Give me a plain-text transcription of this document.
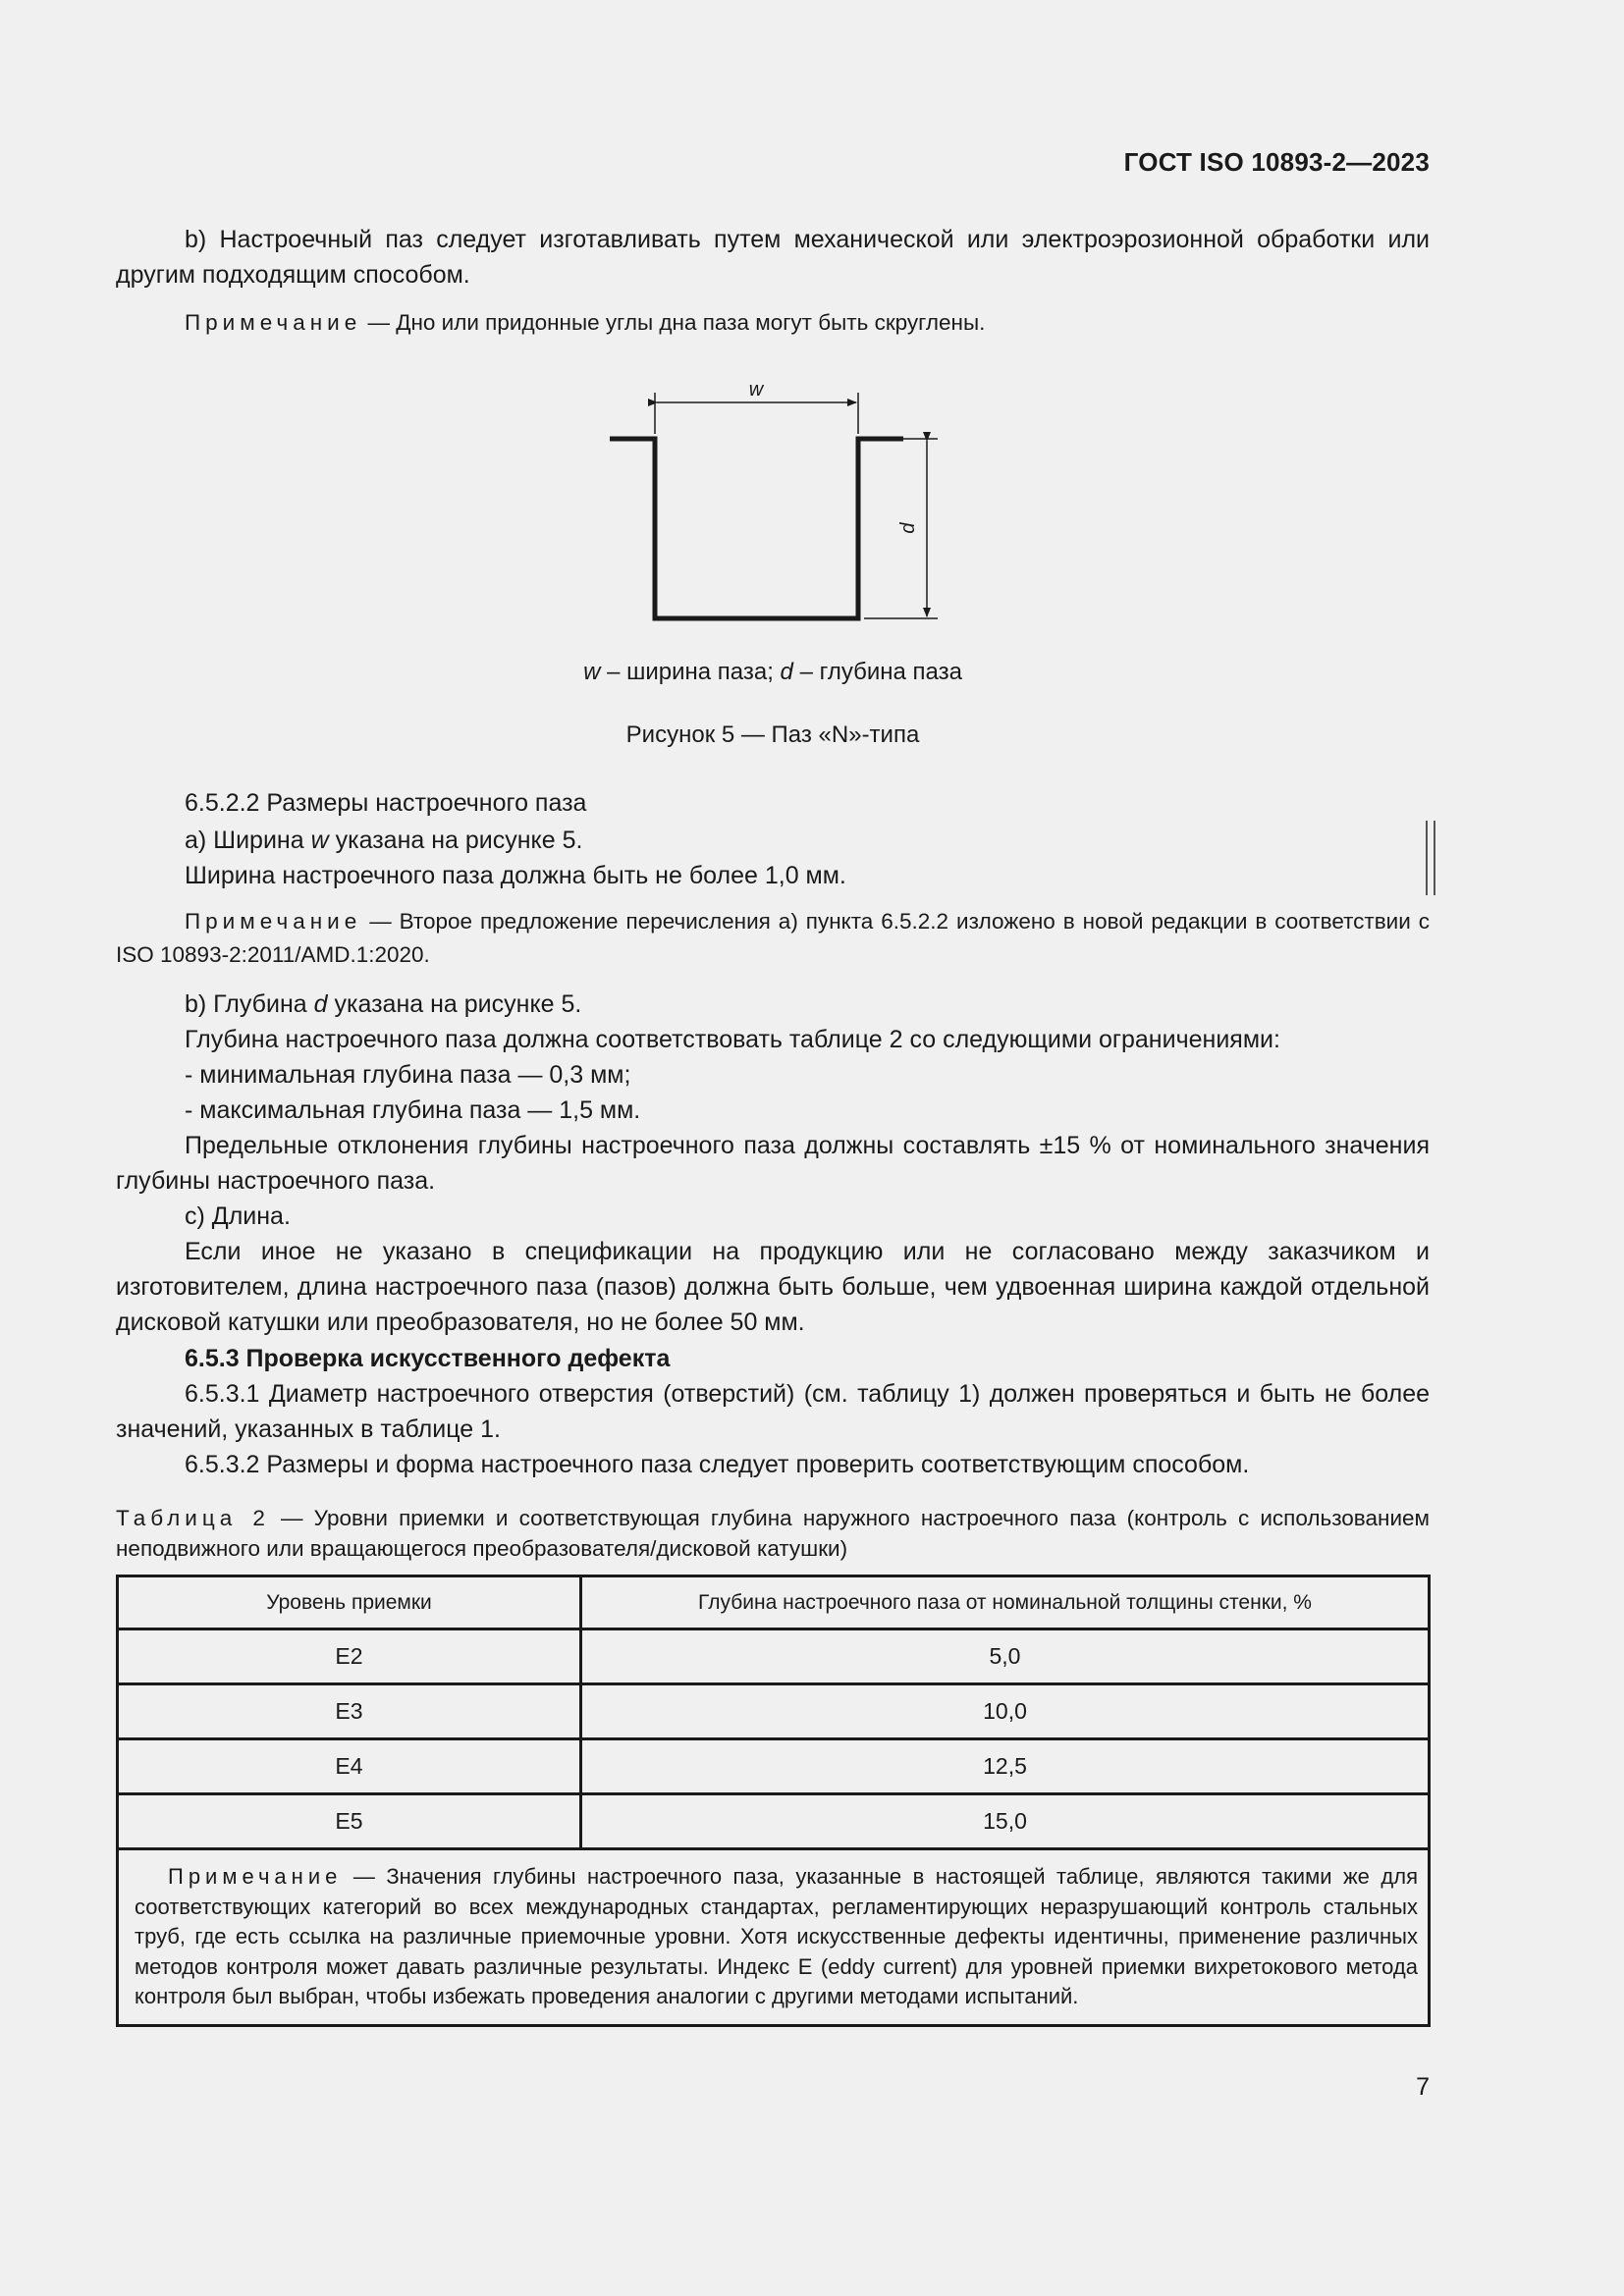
ГОСТ ISO 10893-2—2023
b) Настроечный паз следует изготавливать путем механической или электроэрозионной обработки или другим подходящим способом.
Примечание — Дно или придонные углы дна паза могут быть скруглены.
w
d
w – ширина паза; d – глубина паза
Рисунок 5 — Паз «N»-типа
6.5.2.2 Размеры настроечного паза
a) Ширина w указана на рисунке 5.
Ширина настроечного паза должна быть не более 1,0 мм.
Примечание — Второе предложение перечисления a) пункта 6.5.2.2 изложено в новой редакции в соответствии с ISO 10893-2:2011/AMD.1:2020.
b) Глубина d указана на рисунке 5.
Глубина настроечного паза должна соответствовать таблице 2 со следующими ограничениями:
- минимальная глубина паза — 0,3 мм;
- максимальная глубина паза — 1,5 мм.
Предельные отклонения глубины настроечного паза должны составлять ±15 % от номинального значения глубины настроечного паза.
c) Длина.
Если иное не указано в спецификации на продукцию или не согласовано между заказчиком и изготовителем, длина настроечного паза (пазов) должна быть больше, чем удвоенная ширина каждой отдельной дисковой катушки или преобразователя, но не более 50 мм.
6.5.3 Проверка искусственного дефекта
6.5.3.1 Диаметр настроечного отверстия (отверстий) (см. таблицу 1) должен проверяться и быть не более значений, указанных в таблице 1.
6.5.3.2 Размеры и форма настроечного паза следует проверить соответствующим способом.
Таблица 2 — Уровни приемки и соответствующая глубина наружного настроечного паза (контроль с использованием неподвижного или вращающегося преобразователя/дисковой катушки)
Уровень приемки	Глубина настроечного паза от номинальной толщины стенки, %
E2	5,0
E3	10,0
E4	12,5
E5	15,0
Примечание — Значения глубины настроечного паза, указанные в настоящей таблице, являются такими же для соответствующих категорий во всех международных стандартах, регламентирующих неразрушающий контроль стальных труб, где есть ссылка на различные приемочные уровни. Хотя искусственные дефекты идентичны, применение различных методов контроля может давать различные результаты. Индекс E (eddy current) для уровней приемки вихретокового метода контроля был выбран, чтобы избежать проведения аналогии с другими методами испытаний.	
7
